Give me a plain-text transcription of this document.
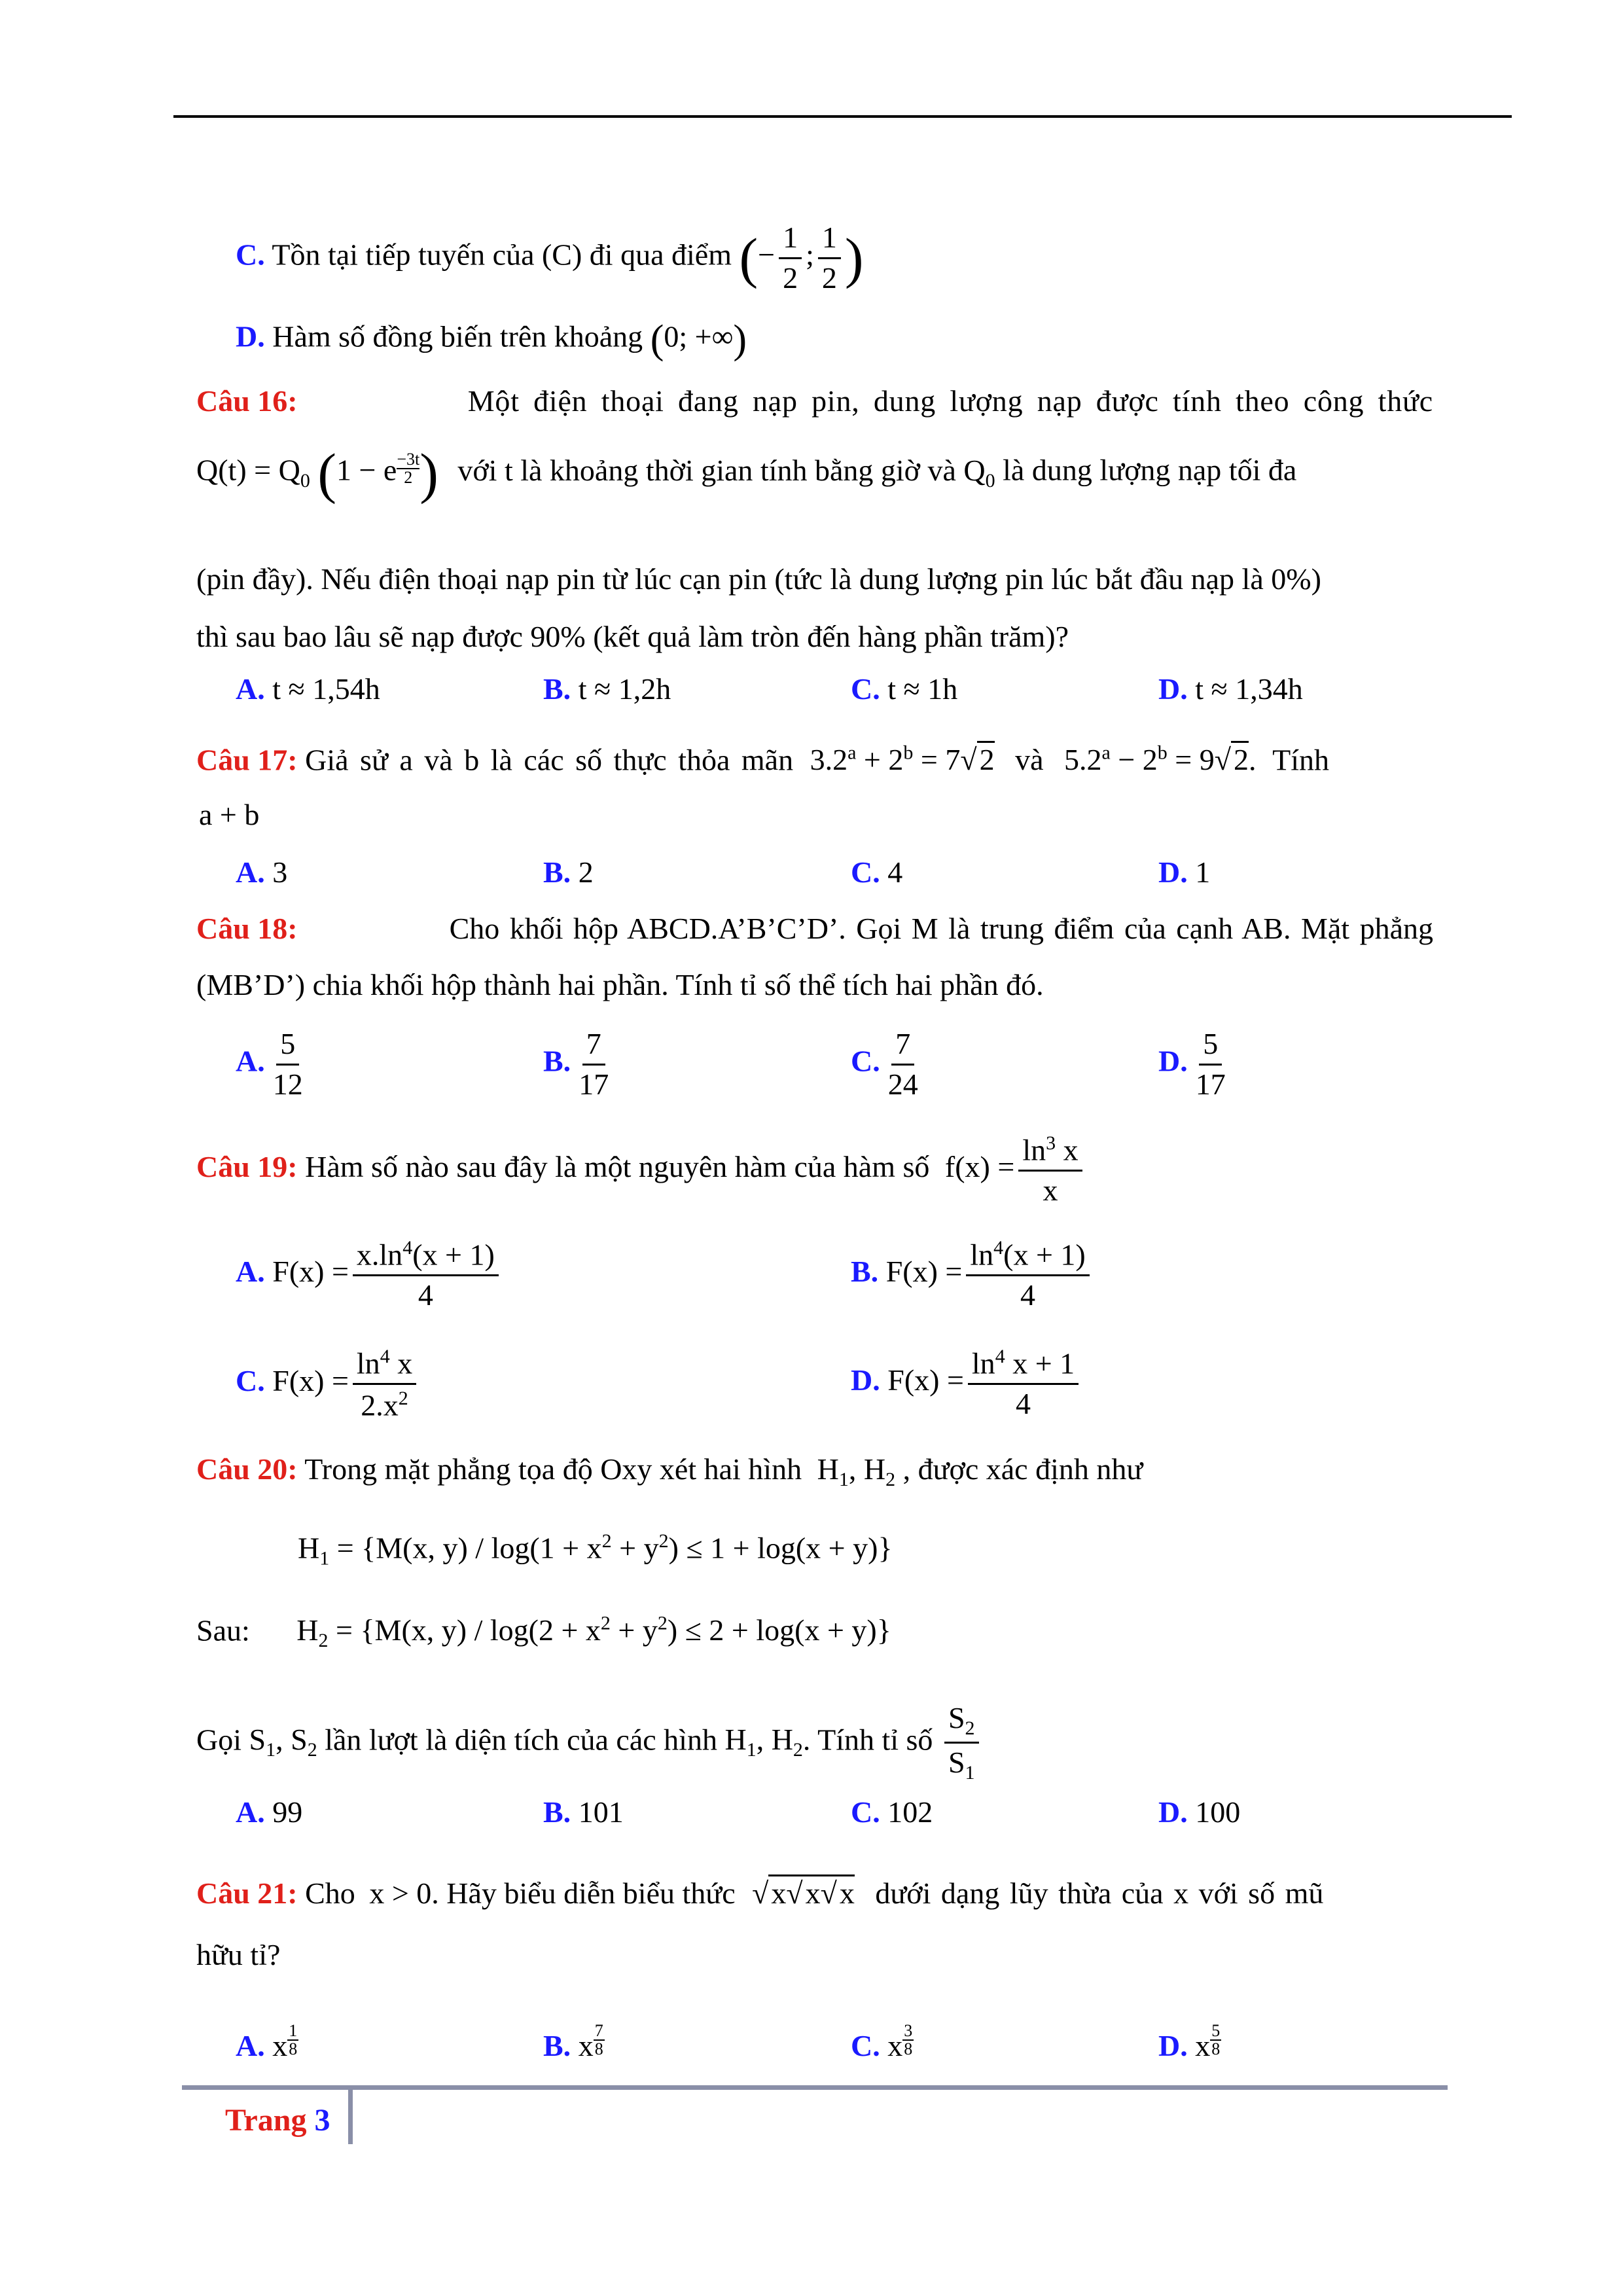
C. Tồn tại tiếp tuyến của (C) đi qua điểm (− $\frac{1}{2}$ ; $\frac{1}{2}$ )
D. Hàm số đồng biến trên khoảng (0; +∞)
Câu 16:	Một điện thoại đang nạp pin, dung lượng nạp được tính theo công thức
$Q(t) = Q_0$ (1 − e $^{\frac{-3t}{2}}$ ) với t là khoảng thời gian tính bằng giờ và $Q_0$ là dung lượng nạp tối đa
(pin đầy). Nếu điện thoại nạp pin từ lúc cạn pin (tức là dung lượng pin lúc bắt đầu nạp là 0%)
thì sau bao lâu sẽ nạp được 90% (kết quả làm tròn đến hàng phần trăm)?
A. t ≈ 1,54h	B. t ≈ 1,2h	C. t ≈ 1h	D. t ≈ 1,34h
Câu 17: Giả sử a và b là các số thực thỏa mãn $3.2^a + 2^b = 7√2$ và $5.2^a - 2^b = 9√2$. Tính
a + b
A. 3	B. 2	C. 4	D. 1
Câu 18:	Cho khối hộp ABCD.A’B’C’D’. Gọi M là trung điểm của cạnh AB. Mặt phẳng
(MB’D’) chia khối hộp thành hai phần. Tính tỉ số thể tích hai phần đó.
A. $\frac{5}{12}$	B. $\frac{7}{17}$	C. $\frac{7}{24}$	D. $\frac{5}{17}$
Câu 19: Hàm số nào sau đây là một nguyên hàm của hàm số $f(x) = \frac{\ln^3 x}{x}$
A. $F(x) = \frac{x.\ln^4(x + 1)}{4}$	B. $F(x) = \frac{\ln^4(x + 1)}{4}$
C. $F(x) = \frac{\ln^4 x}{2.x^2}$	D. $F(x) = \frac{\ln^4 x + 1}{4}$
Câu 20: Trong mặt phẳng tọa độ Oxy xét hai hình $H_1$, $H_2$ , được xác định như
$H_1 = \{M(x$, $y) / \log(1 + x^2 + y^2) \le 1 + \log(x + y)$}
Sau: $H_2 = \{M(x$, $y) / \log(2 + x^2 + y^2) \le 2 + \log(x + y)$}
Gọi $S_1$, $S_2$ lần lượt là diện tích của các hình $H_1$, $H_2$. Tính tỉ số $\frac{S_2}{S_1}$
A. 99	B. 101	C. 102	D. 100
Câu 21: Cho x > 0. Hãy biểu diễn biểu thức √x√x√x dưới dạng lũy thừa của x với số mũ
hữu tỉ?
A. x $^{\frac{1}{8}}$	B. x $^{\frac{7}{8}}$	C. x $^{\frac{3}{8}}$	D. x $^{\frac{5}{8}}$
Trang 3
